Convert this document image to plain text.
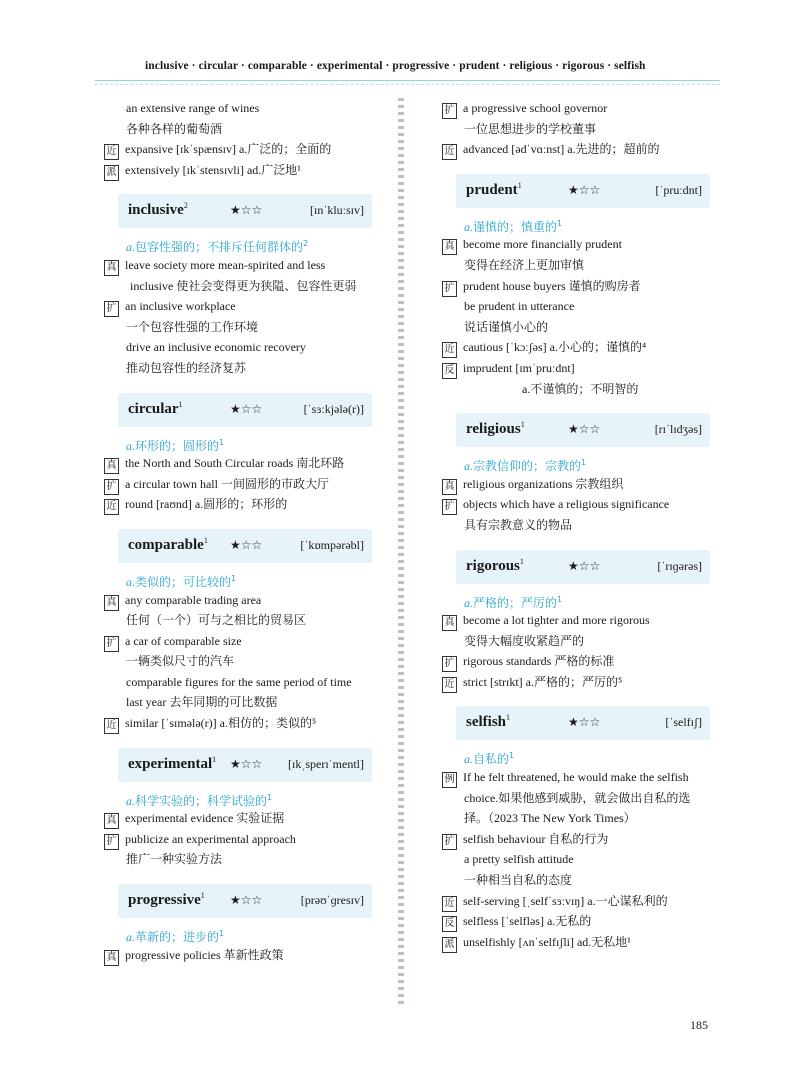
inclusive · circular · comparable · experimental · progressive · prudent · religious · rigorous · selfish
an extensive range of wines
各种各样的葡萄酒
近 expansive [ɪkˈspænsɪv] a.广泛的；全面的
派 extensively [ɪkˈstensɪvli] ad.广泛地¹
inclusive$^2$	★☆☆	[ɪnˈkluːsɪv]
a.包容性强的；不排斥任何群体的$^2$
真 leave society more mean-spirited and less
inclusive 使社会变得更为狭隘、包容性更弱
扩 an inclusive workplace
一个包容性强的工作环境
drive an inclusive economic recovery
推动包容性的经济复苏
circular$^1$	★☆☆	[ˈsɜːkjələ(r)]
a.环形的；圆形的$^1$
真 the North and South Circular roads 南北环路
扩 a circular town hall 一间圆形的市政大厅
近 round [raʊnd] a.圆形的；环形的
comparable$^1$ ★☆☆	[ˈkɒmpərəbl]
a.类似的；可比较的$^1$
真 any comparable trading area
任何（一个）可与之相比的贸易区
扩 a car of comparable size
一辆类似尺寸的汽车
comparable figures for the same period of time
last year 去年同期的可比数据
近 similar [ˈsɪmələ(r)] a.相仿的；类似的⁵
experimental$^1$ ★☆☆ [ɪkˌsperɪˈmentl]
a.科学实验的；科学试验的$^1$
真 experimental evidence 实验证据
扩 publicize an experimental approach
推广一种实验方法
progressive$^1$ ★☆☆	[prəʊˈɡresɪv]
a.革新的；进步的$^1$
真 progressive policies 革新性政策
扩 a progressive school governor
一位思想进步的学校董事
近 advanced [ədˈvɑːnst] a.先进的；超前的
prudent$^1$	★☆☆	[ˈpruːdnt]
a.谨慎的；慎重的$^1$
真 become more financially prudent
变得在经济上更加审慎
扩 prudent house buyers 谨慎的购房者
be prudent in utterance
说话谨慎小心的
近 cautious [ˈkɔːʃəs] a.小心的；谨慎的⁴
反 imprudent [ɪmˈpruːdnt]
a.不谨慎的；不明智的
religious$^1$	★☆☆	[rɪˈlɪdʒəs]
a.宗教信仰的；宗教的$^1$
真 religious organizations 宗教组织
扩 objects which have a religious significance
具有宗教意义的物品
rigorous$^1$	★☆☆	[ˈrɪɡərəs]
a.严格的；严厉的$^1$
真 become a lot tighter and more rigorous
变得大幅度收紧趋严的
扩 rigorous standards 严格的标准
近 strict [strɪkt] a.严格的；严厉的⁵
selfish$^1$	★☆☆	[ˈselfɪʃ]
a.自私的$^1$
例 If he felt threatened, he would make the selfish
choice.如果他感到威胁，就会做出自私的选
择。（2023 The New York Times）
扩 selfish behaviour 自私的行为
a pretty selfish attitude
一种相当自私的态度
近 self-serving [ˌselfˈsɜːvɪŋ] a.一心谋私利的
反 selfless [ˈselfləs] a.无私的
派 unselfishly [ʌnˈselfɪʃli] ad.无私地¹
185
